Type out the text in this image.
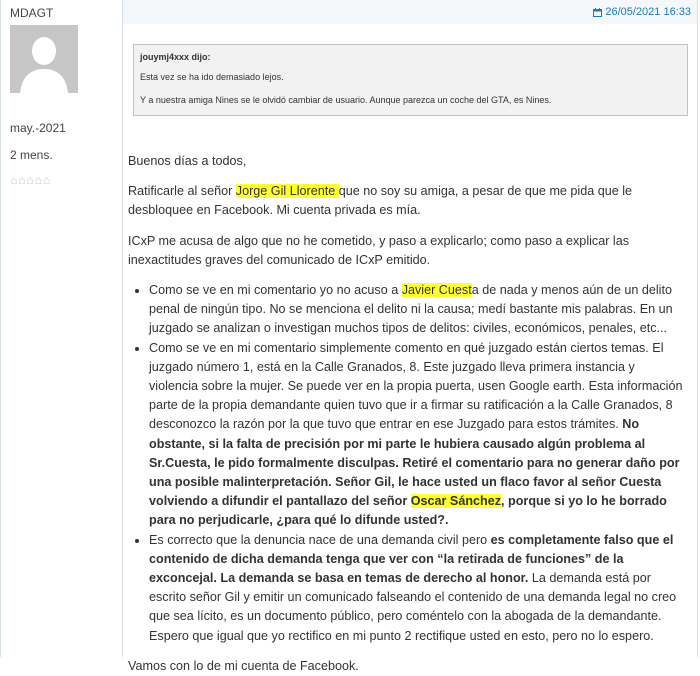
MDAGT
may.-2021
2 mens.
⌂ ⌂ ⌂ ⌂ ⌂
26/05/2021 16:33
jouymj4xxx dijo:

Esta vez se ha ido demasiado lejos.

Y a nuestra amiga Nines se le olvidó cambiar de usuario. Aunque parezca un coche del GTA, es Nines.

Buenos días a todos,

Ratificarle al señor Jorge Gil Llorente que no soy su amiga, a pesar de que me pida que le desbloquee en Facebook. Mi cuenta privada es mía.

ICxP me acusa de algo que no he cometido, y paso a explicarlo; como paso a explicar las inexactitudes graves del comunicado de ICxP emitido.

• Como se ve en mi comentario yo no acuso a Javier Cuesta de nada y menos aún de un delito penal de ningún tipo. No se menciona el delito ni la causa; medí bastante mis palabras. En un juzgado se analizan o investigan muchos tipos de delitos: civiles, económicos, penales, etc...
• Como se ve en mi comentario simplemente comento en qué juzgado están ciertos temas. El juzgado número 1, está en la Calle Granados, 8. Este juzgado lleva primera instancia y violencia sobre la mujer. Se puede ver en la propia puerta, usen Google earth. Esta información parte de la propia demandante quien tuvo que ir a firmar su ratificación a la Calle Granados, 8 desconozco la razón por la que tuvo que entrar en ese Juzgado para estos trámites. No obstante, si la falta de precisión por mi parte le hubiera causado algún problema al Sr.Cuesta, le pido formalmente disculpas. Retiré el comentario para no generar daño por una posible malinterpretación. Señor Gil, le hace usted un flaco favor al señor Cuesta volviendo a difundir el pantallazo del señor Oscar Sánchez, porque si yo lo he borrado para no perjudicarle, ¿para qué lo difunde usted?.
• Es correcto que la denuncia nace de una demanda civil pero es completamente falso que el contenido de dicha demanda tenga que ver con “la retirada de funciones” de la exconcejal. La demanda se basa en temas de derecho al honor. La demanda está por escrito señor Gil y emitir un comunicado falseando el contenido de una demanda legal no creo que sea lícito, es un documento público, pero coméntelo con la abogada de la demandante. Espero que igual que yo rectifico en mi punto 2 rectifique usted en esto, pero no lo espero.

Vamos con lo de mi cuenta de Facebook.
